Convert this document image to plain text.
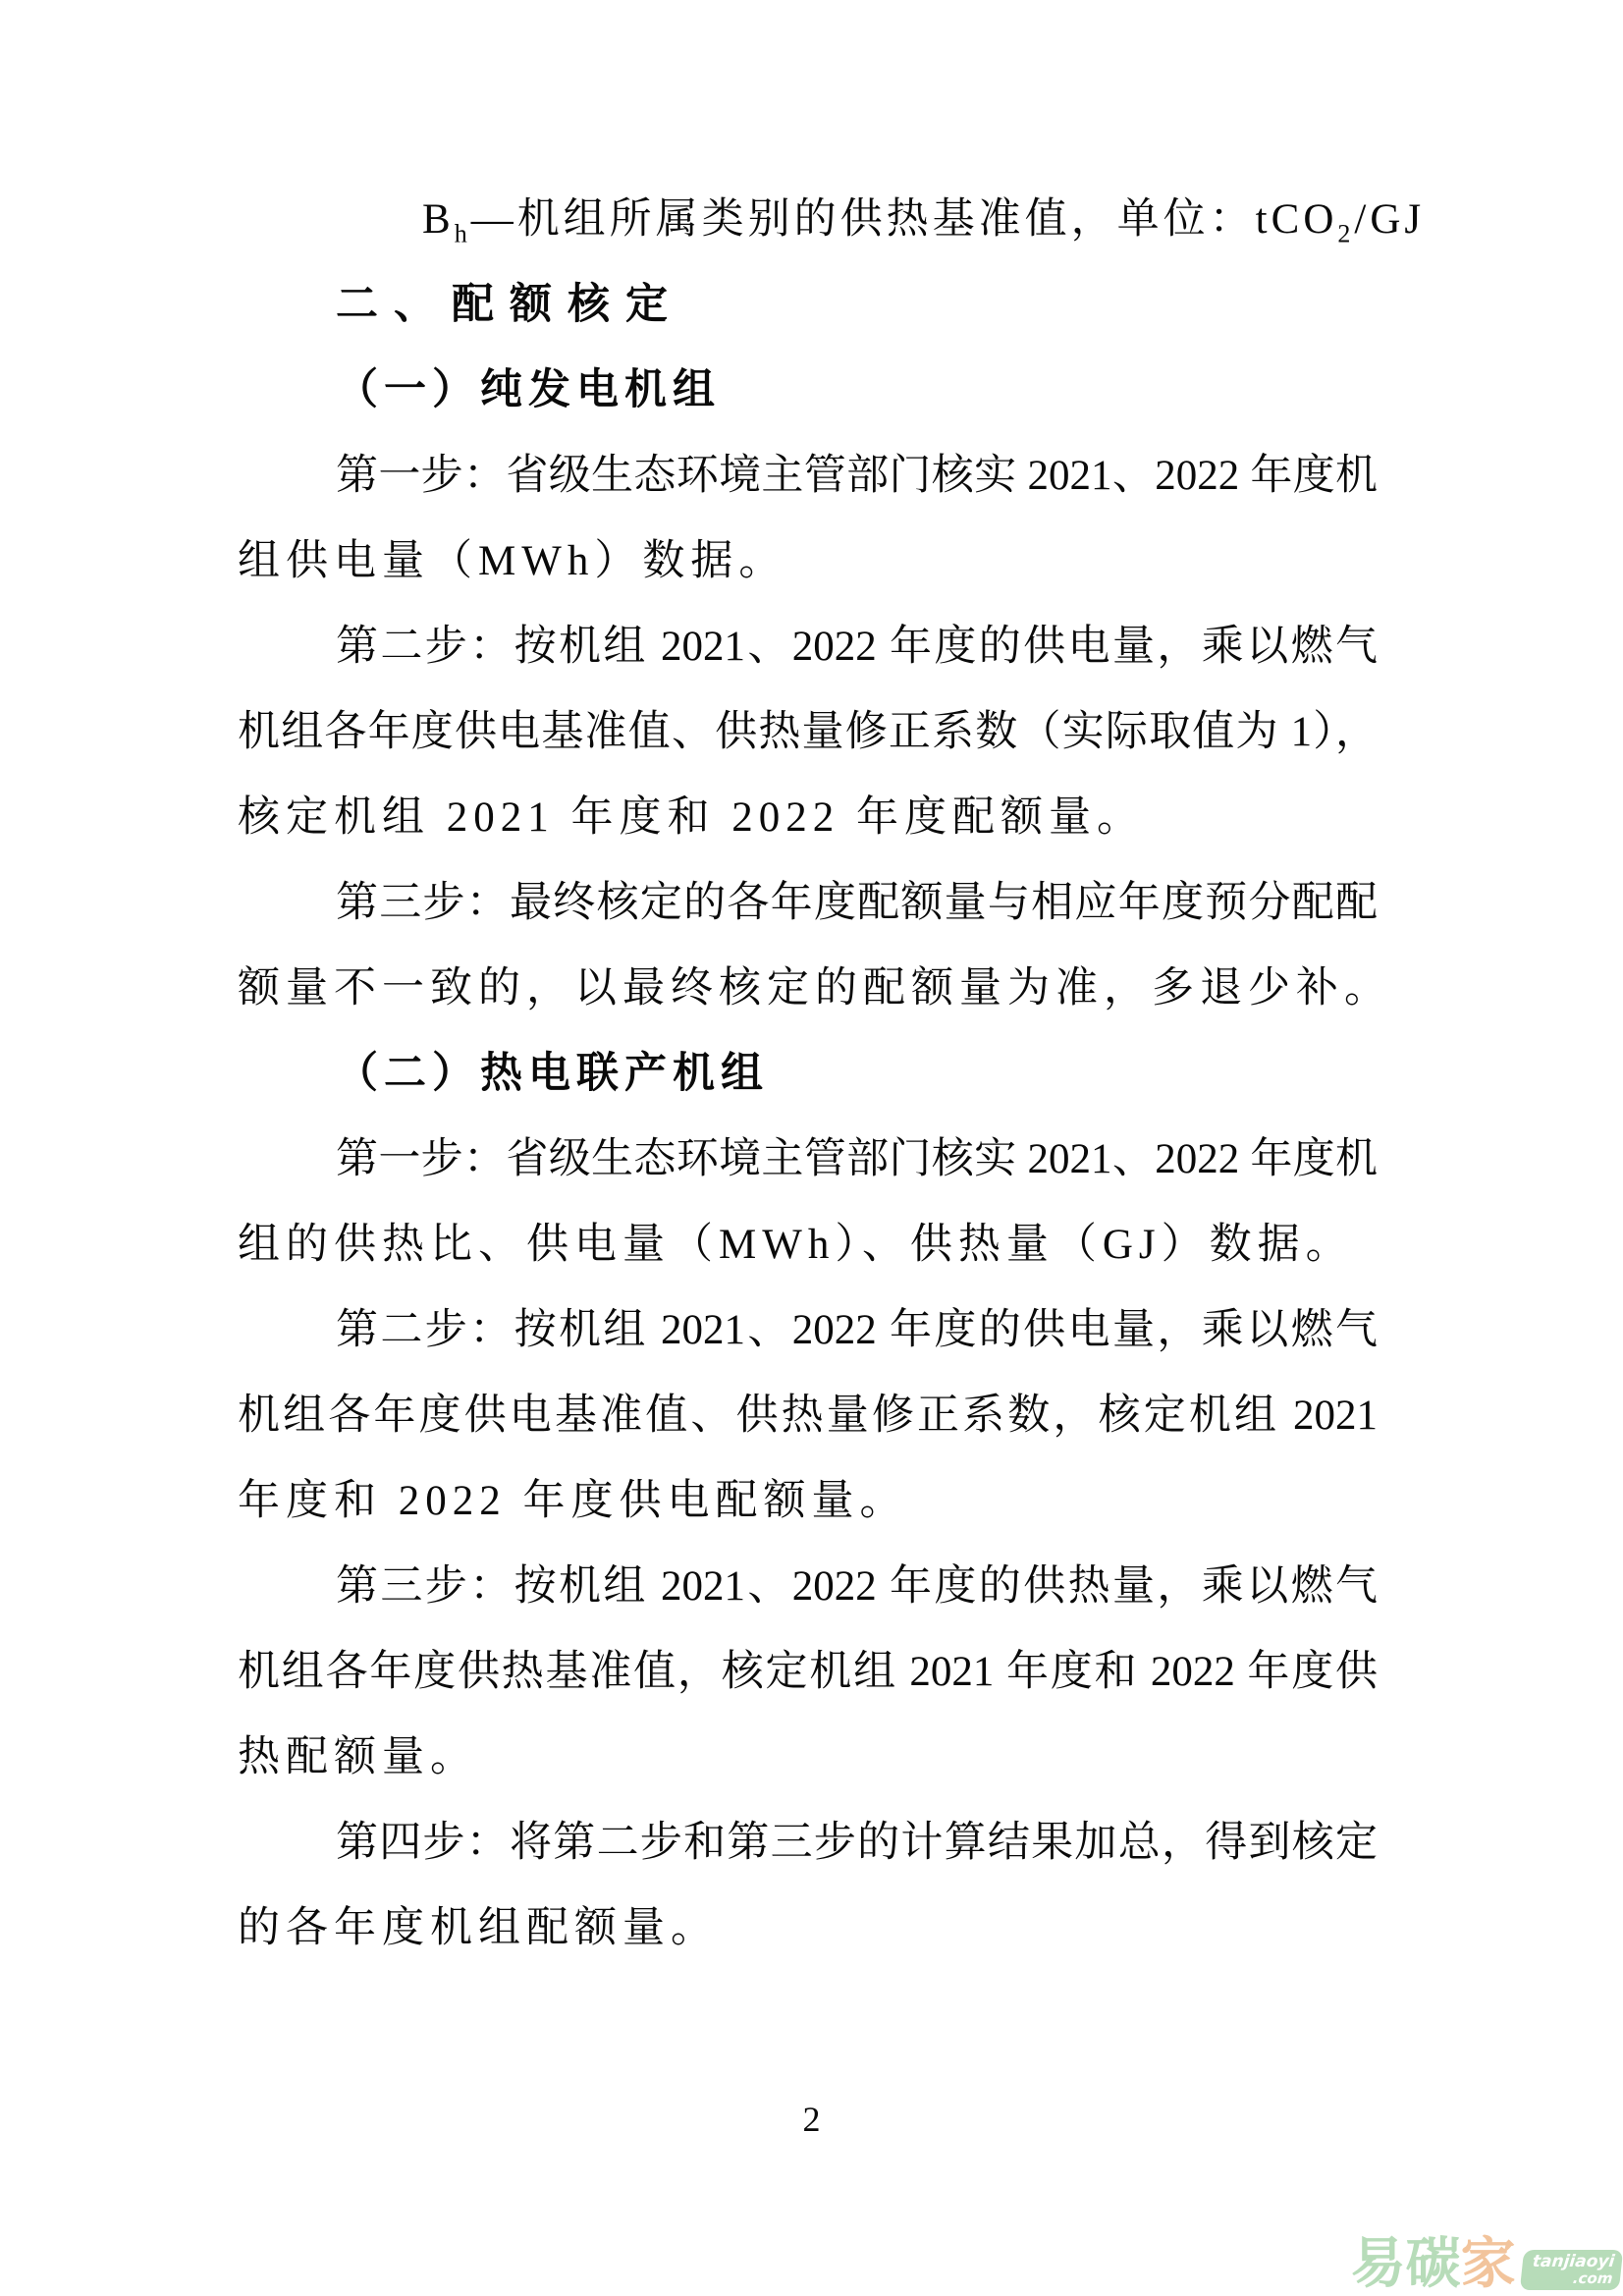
$B_h—$机组所属类别的供热基准值，单位：tCO$_2$/GJ
二、配额核定
（一）纯发电机组
第一步：省级生态环境主管部门核实 2021、2022 年度机
组供电量（MWh）数据。
第二步：按机组 2021、2022 年度的供电量，乘以燃气
机组各年度供电基准值、供热量修正系数（实际取值为 1），
核定机组 2021 年度和 2022 年度配额量。
第三步：最终核定的各年度配额量与相应年度预分配配
额量不一致的，以最终核定的配额量为准，多退少补。
（二）热电联产机组
第一步：省级生态环境主管部门核实 2021、2022 年度机
组的供热比、供电量（MWh）、供热量（GJ）数据。
第二步：按机组 2021、2022 年度的供电量，乘以燃气
机组各年度供电基准值、供热量修正系数，核定机组 2021
年度和 2022 年度供电配额量。
第三步：按机组 2021、2022 年度的供热量，乘以燃气
机组各年度供热基准值，核定机组 2021 年度和 2022 年度供
热配额量。
第四步：将第二步和第三步的计算结果加总，得到核定
的各年度机组配额量。
2
易碳 家 tanjiaoyi
.com
